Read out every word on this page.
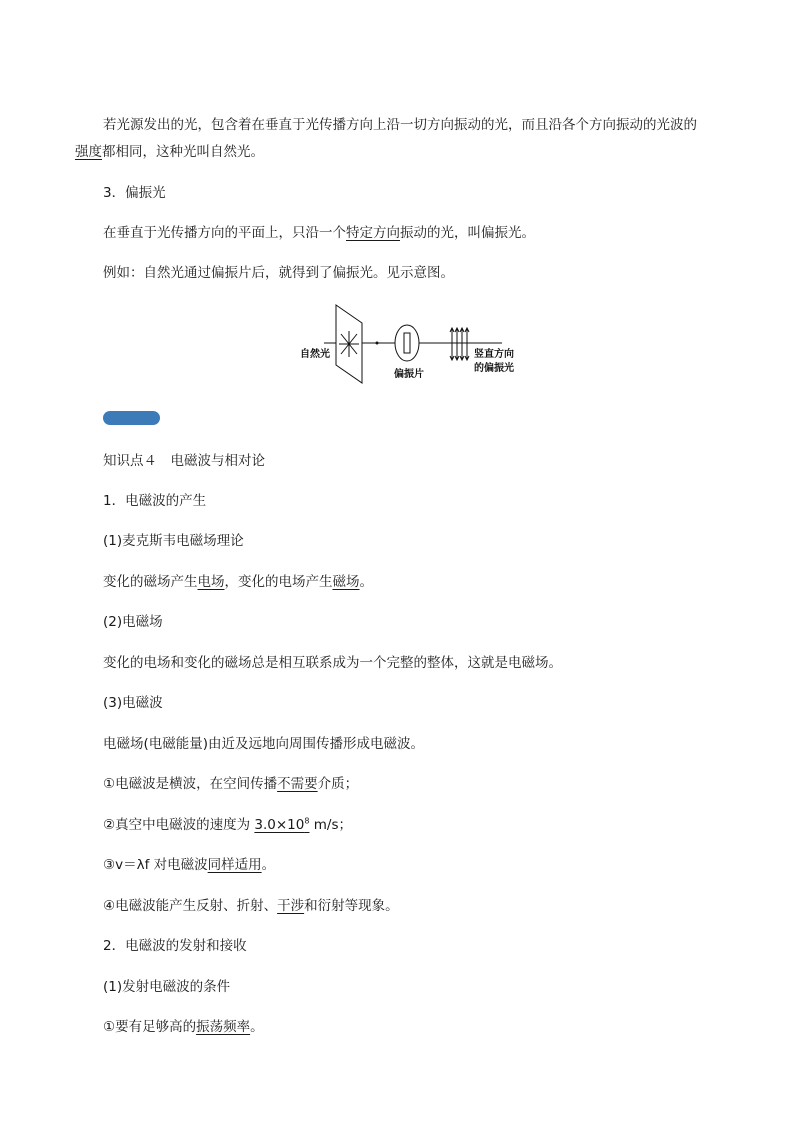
若光源发出的光，包含着在垂直于光传播方向上沿一切方向振动的光，而且沿各个方向振动的光波的
强度都相同，这种光叫自然光。
3．偏振光
在垂直于光传播方向的平面上，只沿一个特定方向振动的光，叫偏振光。
例如：自然光通过偏振片后，就得到了偏振光。见示意图。
自然光
偏振片
竖直方向
的偏振光
知识点４　电磁波与相对论
1．电磁波的产生
(1)麦克斯韦电磁场理论
变化的磁场产生电场，变化的电场产生磁场。
(2)电磁场
变化的电场和变化的磁场总是相互联系成为一个完整的整体，这就是电磁场。
(3)电磁波
电磁场(电磁能量)由近及远地向周围传播形成电磁波。
①电磁波是横波，在空间传播不需要介质；
②真空中电磁波的速度为 $3.0\times 10^8$ m/s；
③v＝λf 对电磁波同样适用。
④电磁波能产生反射、折射、干涉和衍射等现象。
2．电磁波的发射和接收
(1)发射电磁波的条件
①要有足够高的振荡频率。
